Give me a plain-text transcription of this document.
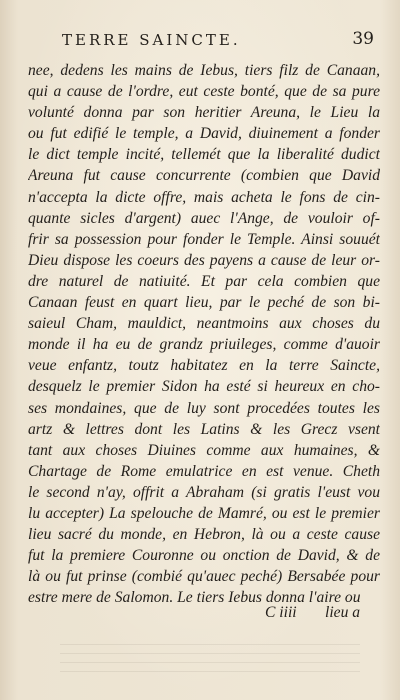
TERRE SAINCTE.	39
nee, dedens les mains de Iebus, tiers filz de Canaan,
qui a cause de l'ordre, eut ceste bonté, que de sa pure
volunté donna par son heritier Areuna, le Lieu la
ou fut edifié le temple, a David, diuinement a fonder
le dict temple incité, tellemét que la liberalité dudict
Areuna fut cause concurrente (combien que David
n'accepta la dicte offre, mais acheta le fons de cin-
quante sicles d'argent) auec l'Ange, de vouloir of-
frir sa possession pour fonder le Temple. Ainsi souuét
Dieu dispose les coeurs des payens a cause de leur or-
dre naturel de natiuité. Et par cela combien que
Canaan feust en quart lieu, par le peché de son bi-
saieul Cham, mauldict, neantmoins aux choses du
monde il ha eu de grandz priuileges, comme d'auoir
veue enfantz, toutz habitatez en la terre Saincte,
desquelz le premier Sidon ha esté si heureux en cho-
ses mondaines, que de luy sont procedées toutes les
artz & lettres dont les Latins & les Grecz vsent
tant aux choses Diuines comme aux humaines, &
Chartage de Rome emulatrice en est venue. Cheth
le second n'ay, offrit a Abraham (si gratis l'eust vou
lu accepter) La spelouche de Mamré, ou est le premier
lieu sacré du monde, en Hebron, là ou a ceste cause
fut la premiere Couronne ou onction de David, & de
là ou fut prinse (combié qu'auec peché) Bersabée pour
estre mere de Salomon. Le tiers Iebus donna l'aire ou
C iiii lieu a
